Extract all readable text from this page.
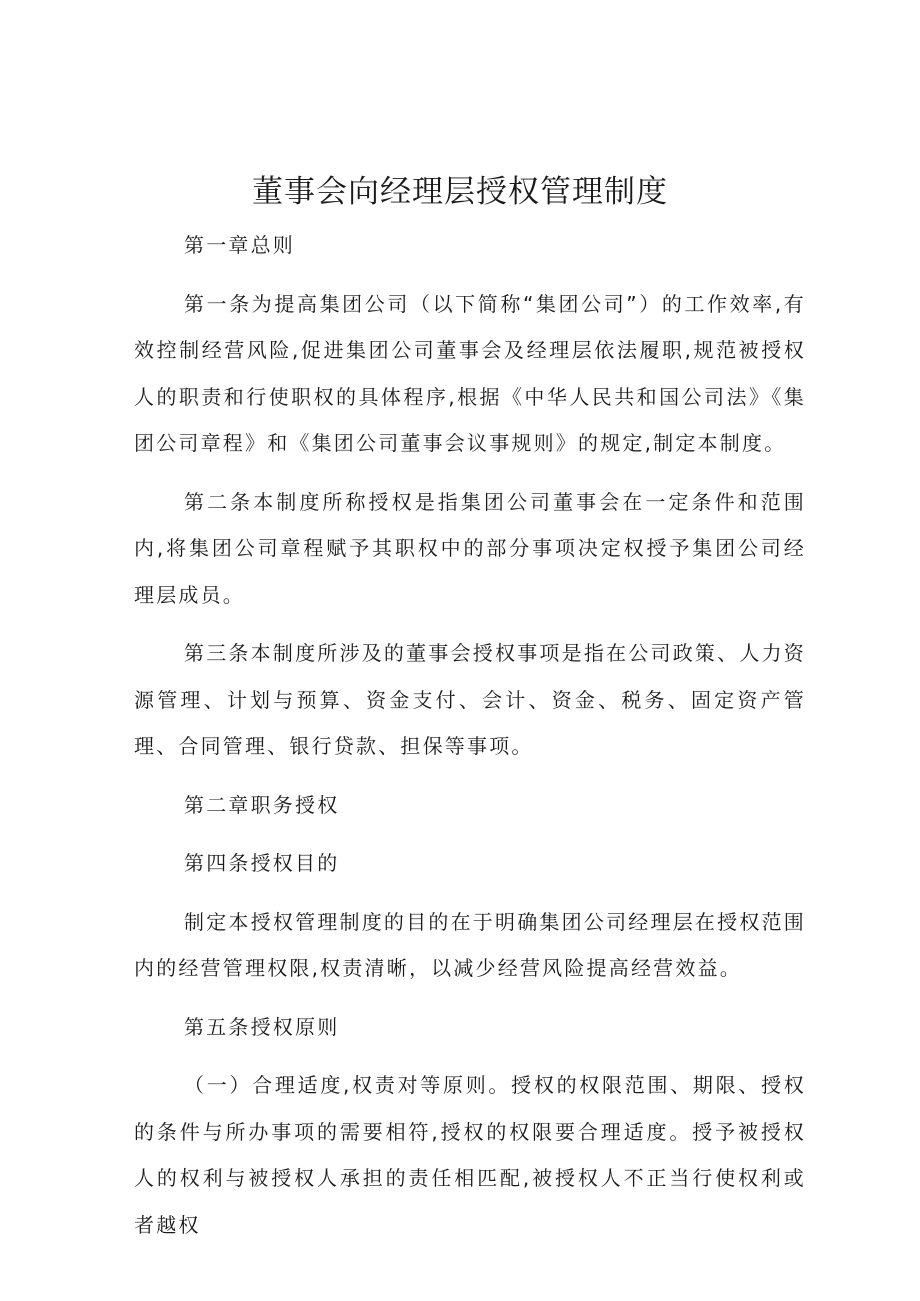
董事会向经理层授权管理制度

第一章总则

第一条为提高集团公司（以下简称“集团公司”）的工作效率,有效控制经营风险,促进集团公司董事会及经理层依法履职,规范被授权人的职责和行使职权的具体程序,根据《中华人民共和国公司法》《集团公司章程》和《集团公司董事会议事规则》的规定,制定本制度。

第二条本制度所称授权是指集团公司董事会在一定条件和范围内,将集团公司章程赋予其职权中的部分事项决定权授予集团公司经理层成员。

第三条本制度所涉及的董事会授权事项是指在公司政策、人力资源管理、计划与预算、资金支付、会计、资金、税务、固定资产管理、合同管理、银行贷款、担保等事项。

第二章职务授权

第四条授权目的

制定本授权管理制度的目的在于明确集团公司经理层在授权范围内的经营管理权限,权责清晰，以减少经营风险提高经营效益。

第五条授权原则

（一）合理适度,权责对等原则。授权的权限范围、期限、授权的条件与所办事项的需要相符,授权的权限要合理适度。授予被授权人的权利与被授权人承担的责任相匹配,被授权人不正当行使权利或者越权
